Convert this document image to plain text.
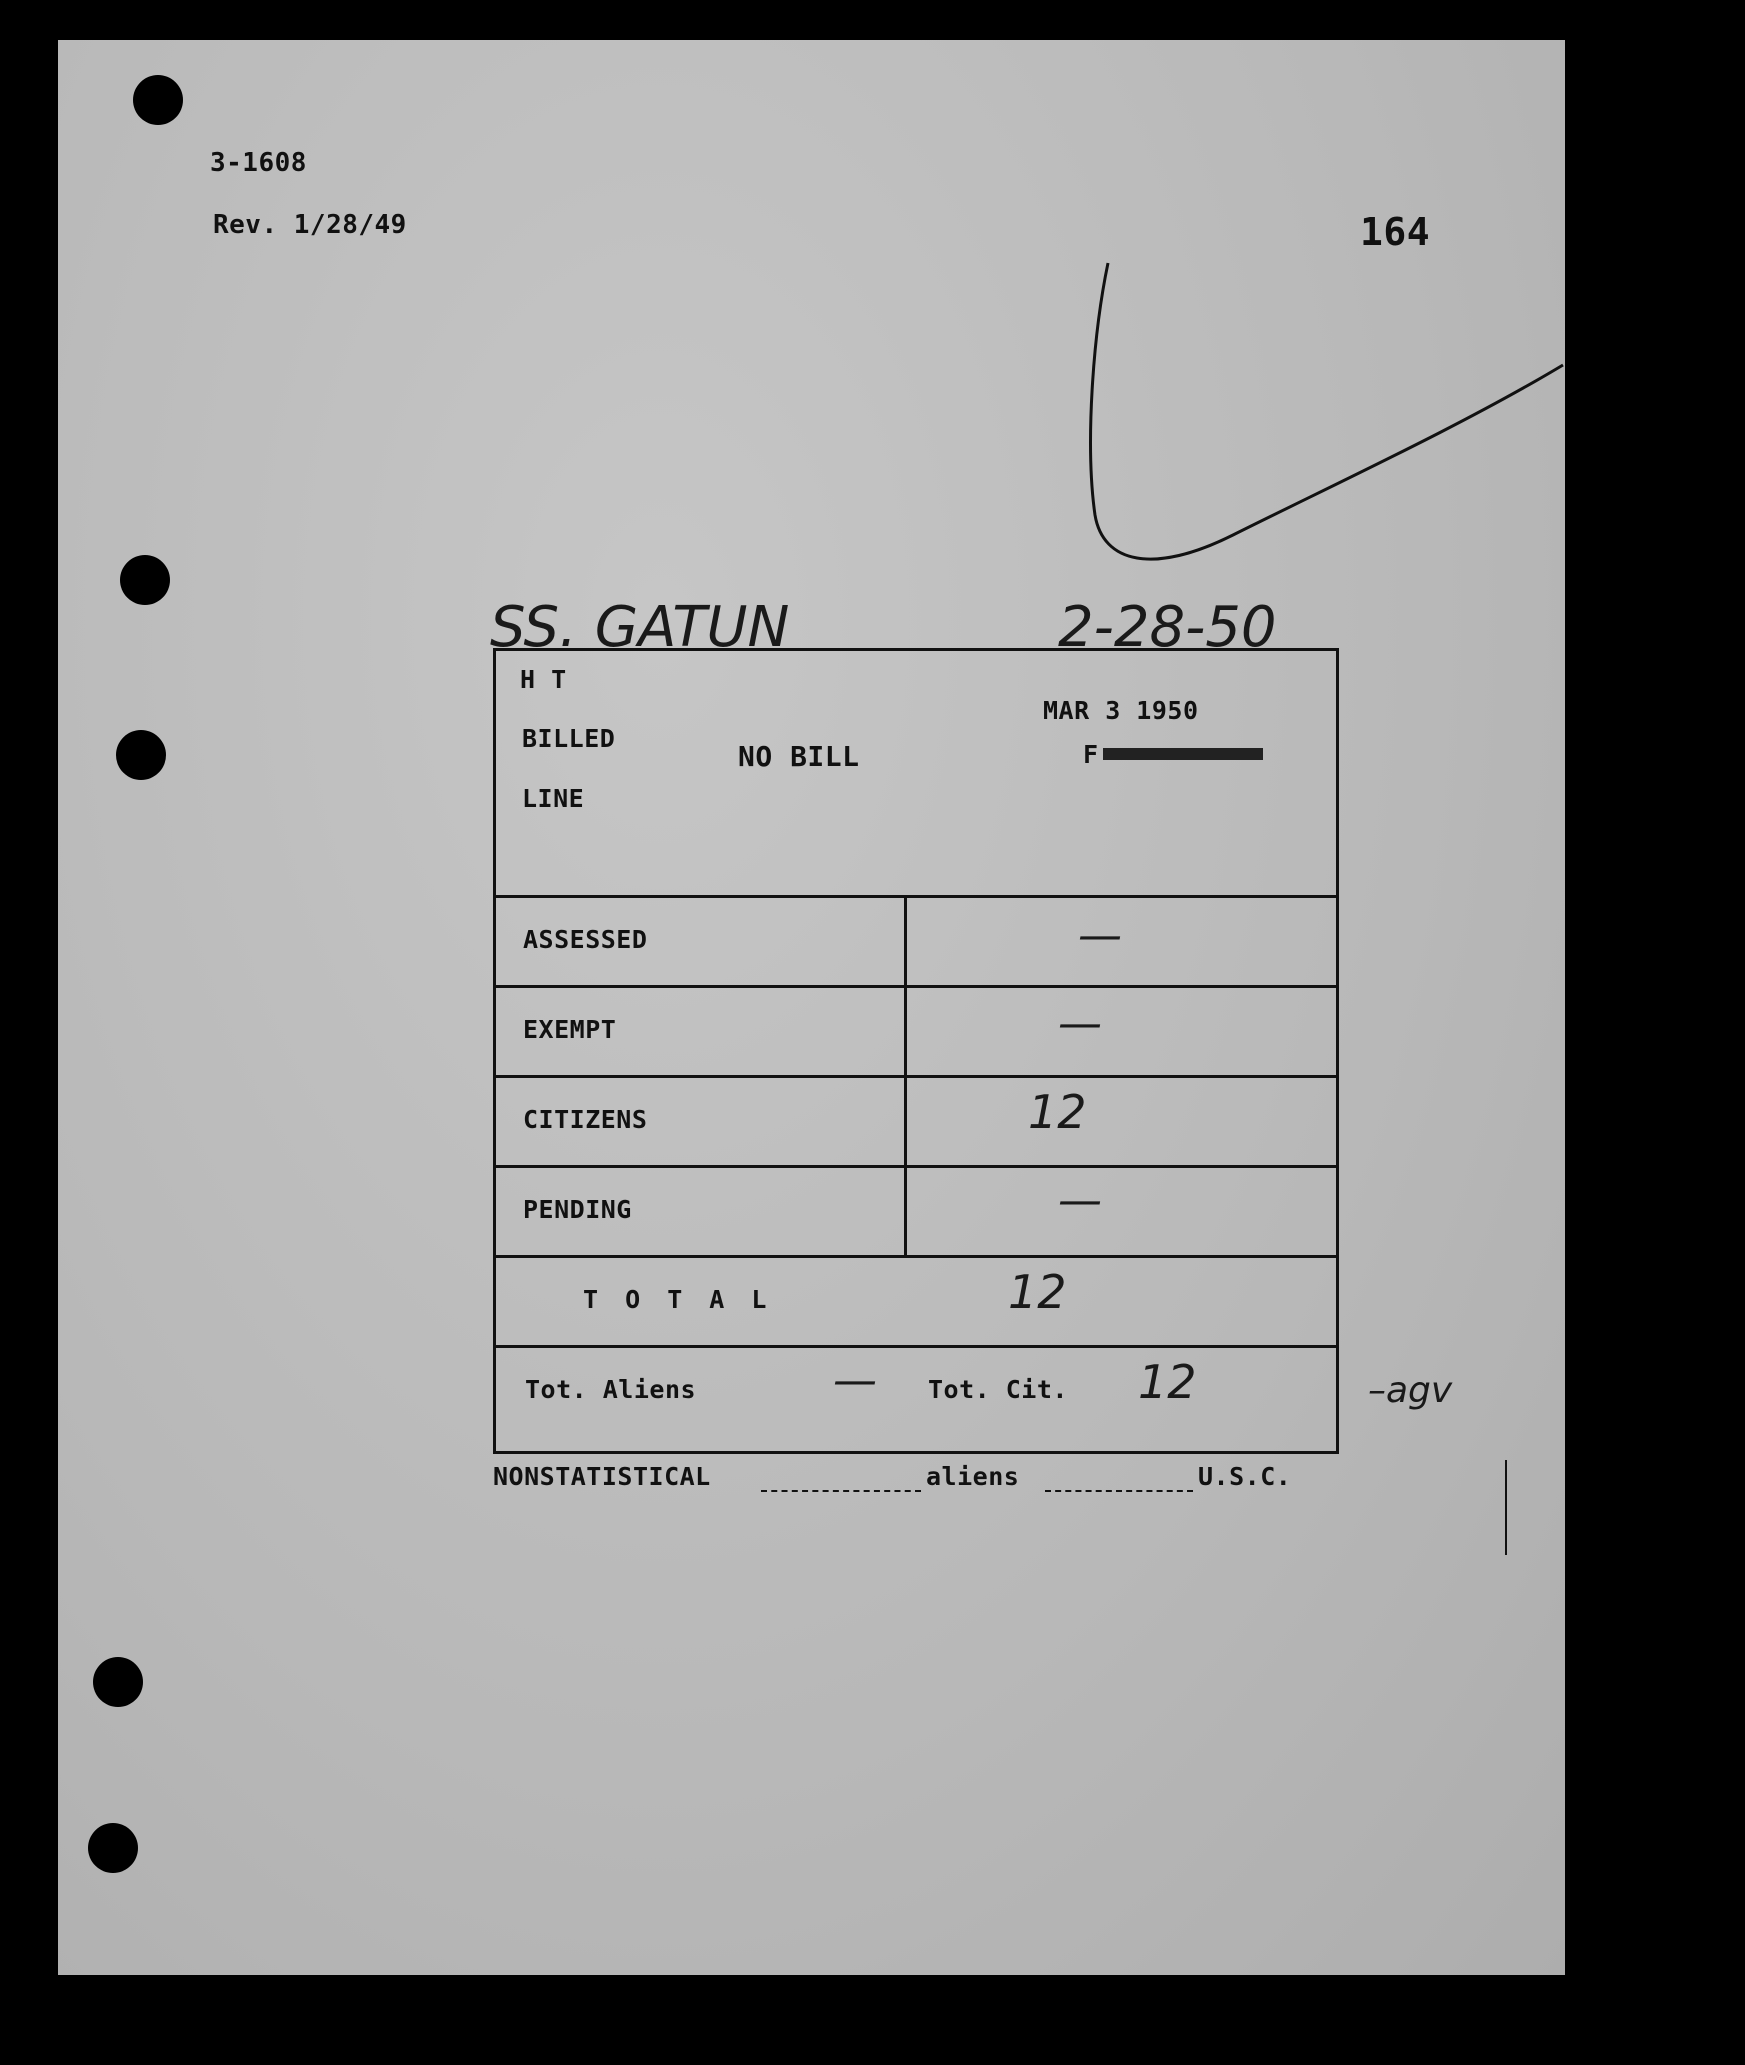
3-1608
Rev. 1/28/49	164
SS. GATUN	2-28-50
H T
BILLED
LINE
NO BILL
MAR 3 1950
F
ASSESSED	—
EXEMPT	—
CITIZENS	12
PENDING	—
T O T A L	12
Tot. Aliens	— Tot. Cit. 12	–agv
NONSTATISTICAL	aliens	U.S.C.
